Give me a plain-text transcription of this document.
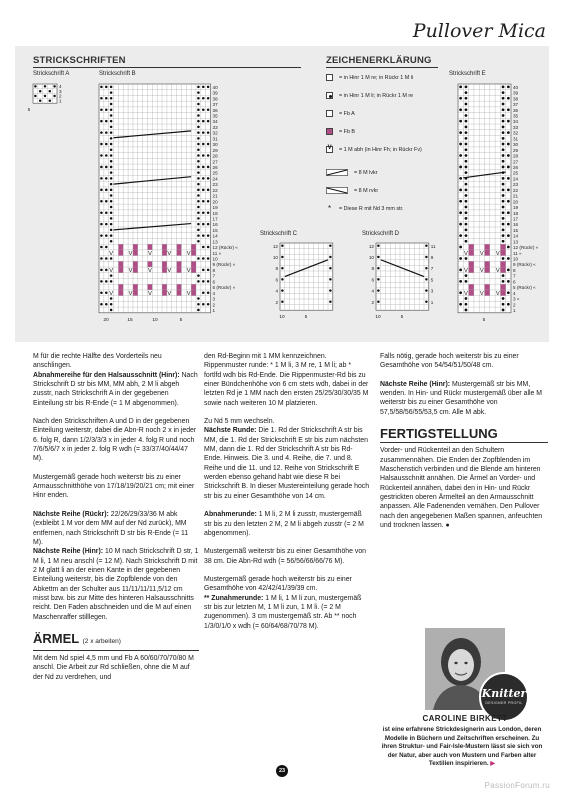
Pullover Mica
STRICKSCHRIFTEN	ZEICHENERKLÄRUNG
Strickschrift A	Strickschrift B
Strickschrift C	Strickschrift D
Strickschrift E
4
3
2
1
5
V	V	V	V	V
V	V	V	V	V
V	V	V	V	V
40
39
38
37
36
35
34
33
32
31
30
29
28
27
26
25
24
23
22
21
20
19
18
17
16
15
14
13
12 (Rückr) «
11 »
10
9 (Rückr) «
8
7
6
5 (Rückr) «
4
3
2
1
20	15	10	5
12
10
8
6
4
2
10	5
11
9
7
5
3
1
12
10
8
6
4
2
10	5
V V V
V V V
V V V
40
39
38
37
36
35
34
33
32
31
30
29
28
27
26
25
24
23
22
21
20
19
18
17
16
15
14
13
12 (Rückr) «
11 »
10
9 (Rückr) «
8
7
6
5 (Rückr) «
4
3 »
2
1
5
= in Hinr 1 M re; in Rückr 1 M li
= in Hinr 1 M li; in Rückr 1 M re
= Fb A
= Fb B
V
= 1 M abh (in Hinr Fh; in Rückr Fv)
= 8 M lvkr
= 8 M rvkr
*	= Diese R mit Nd 3 mm str.

M für die rechte Hälfte des Vorderteils neu anschlingen.

Abnahmereihe für den Halsausschnitt (Hinr): Nach Strickschrift D str bis MM, MM abh, 2 M li abgeh zusstr, nach Strickschrift A in der gegebenen Einteilung str bis R-Ende (= 1 M abgenommen).

Nach den Strickschriften A und D in der gegebenen Einteilung weiterstr, dabei die Abn-R noch 2 x in jeder 6. folg R, dann 1/2/3/3/3 x in jeder 4. folg R und noch 7/6/5/6/7 x in jeder 2. folg R wdh (= 33/37/40/44/47 M).

Mustergemäß gerade hoch weiterstr bis zu einer Armausschnitthöhe von 17/18/19/20/21 cm; mit einer Hinr enden.

Nächste Reihe (Rückr): 22/26/29/33/36 M abk (exbleibt 1 M vor dem MM auf der Nd zurück), MM entfernen, nach Strickschrift D str bis R-Ende (= 11 M).

Nächste Reihe (Hinr): 10 M nach Strickschrift D str, 1 M li, 1 M neu anschl (= 12 M). Nach Strickschrift D mit 2 M glatt li an der einen Kante in der gegebenen Einteilung weiterstr, bis die Zopfblende von den Abkettm an der Schulter aus 11/11/11/11,5/12 cm misst bzw. bis zur Mitte des hinteren Halsausschnitts reicht. Den Faden abschneiden und die M auf einen Maschenraffer stilllegen.

ÄRMEL (2 x arbeiten)

Mit dem Nd spiel 4,5 mm und Fb A 60/60/70/70/80 M anschl. Die Arbeit zur Rd schließen, ohne die M auf der Nd zu verdrehen, und

den Rd-Beginn mit 1 MM kennzeichnen. Rippenmuster runde: * 1 M li, 3 M re, 1 M li; ab * fortlfd wdh bis Rd-Ende. Die Rippenmuster-Rd bis zu einer Bündchenhöhe von 6 cm stets wdh, dabei in der letzten Rd je 1 MM nach den ersten 25/25/30/30/35 M sowie nach weiteren 10 M platzieren.

Zu Nd 5 mm wechseln.

Nächste Runde: Die 1. Rd der Strickschrift A str bis MM, die 1. Rd der Strickschrift E str bis zum nächsten MM, dann die 1. Rd der Strickschrift A str bis Rd-Ende. Hinweis. Die 3. und 4. Reihe, die 7. und 8. Reihe und die 11. und 12. Reihe von Strickschrift E werden ebenso gehand habt wie diese R bei Strickschrift B. In dieser Mustereinteilung gerade hoch str bis zu einer Gesamthöhe von 14 cm.

Abnahmerunde: 1 M li, 2 M li zusstr, mustergemäß str bis zu den letzten 2 M, 2 M li abgeh zusstr (= 2 M abgenommen).

Mustergemäß weiterstr bis zu einer Gesamthöhe von 38 cm. Die Abn-Rd wdh (= 56/56/66/66/76 M).

Mustergemäß gerade hoch weiterstr bis zu einer Gesamthöhe von 42/42/41/39/39 cm.

** Zunahmerunde: 1 M li, 1 M li zun, mustergemäß str bis zur letzten M, 1 M li zun, 1 M li. (= 2 M zugenommen). 3 cm mustergemäß str. Ab ** noch 1/3/0/1/0 x wdh (= 60/64/68/70/78 M).

Falls nötig, gerade hoch weiterstr bis zu einer Gesamthöhe von 54/54/51/50/48 cm.

Nächste Reihe (Hinr): Mustergemäß str bis MM, wenden. In Hin- und Rückr mustergemäß über alle M weiterstr bis zu einer Gesamthöhe von 57,5/58/56/55/53,5 cm. Alle M abk.

FERTIGSTELLUNG

Vorder- und Rückenteil an den Schultern zusammennähen. Die Enden der Zopfblenden im Maschenstich verbinden und die Blende am hinteren Halsausschnitt annähen. Die Ärmel an Vorder- und Rückenteil annähen, dabei den in Hin- und Rückr gestrickten oberen Ärmelteil an den Armausschnitt anpassen. Alle Fadenenden vernähen. Den Pullover nach den angegebenen Maßen spannen, anfeuchten und trocknen lassen. ●

Knitter
DESIGNER PROFIL
CAROLINE BIRKETT
ist eine erfahrene Strickdesignerin aus London, deren Modelle in Büchern und Zeitschriften erscheinen. Zu ihren Struktur- und Fair-Isle-Mustern lässt sie sich von der Natur, aber auch von Mustern und Farben alter Textilien inspirieren. ▶
23
PassionForum.ru
